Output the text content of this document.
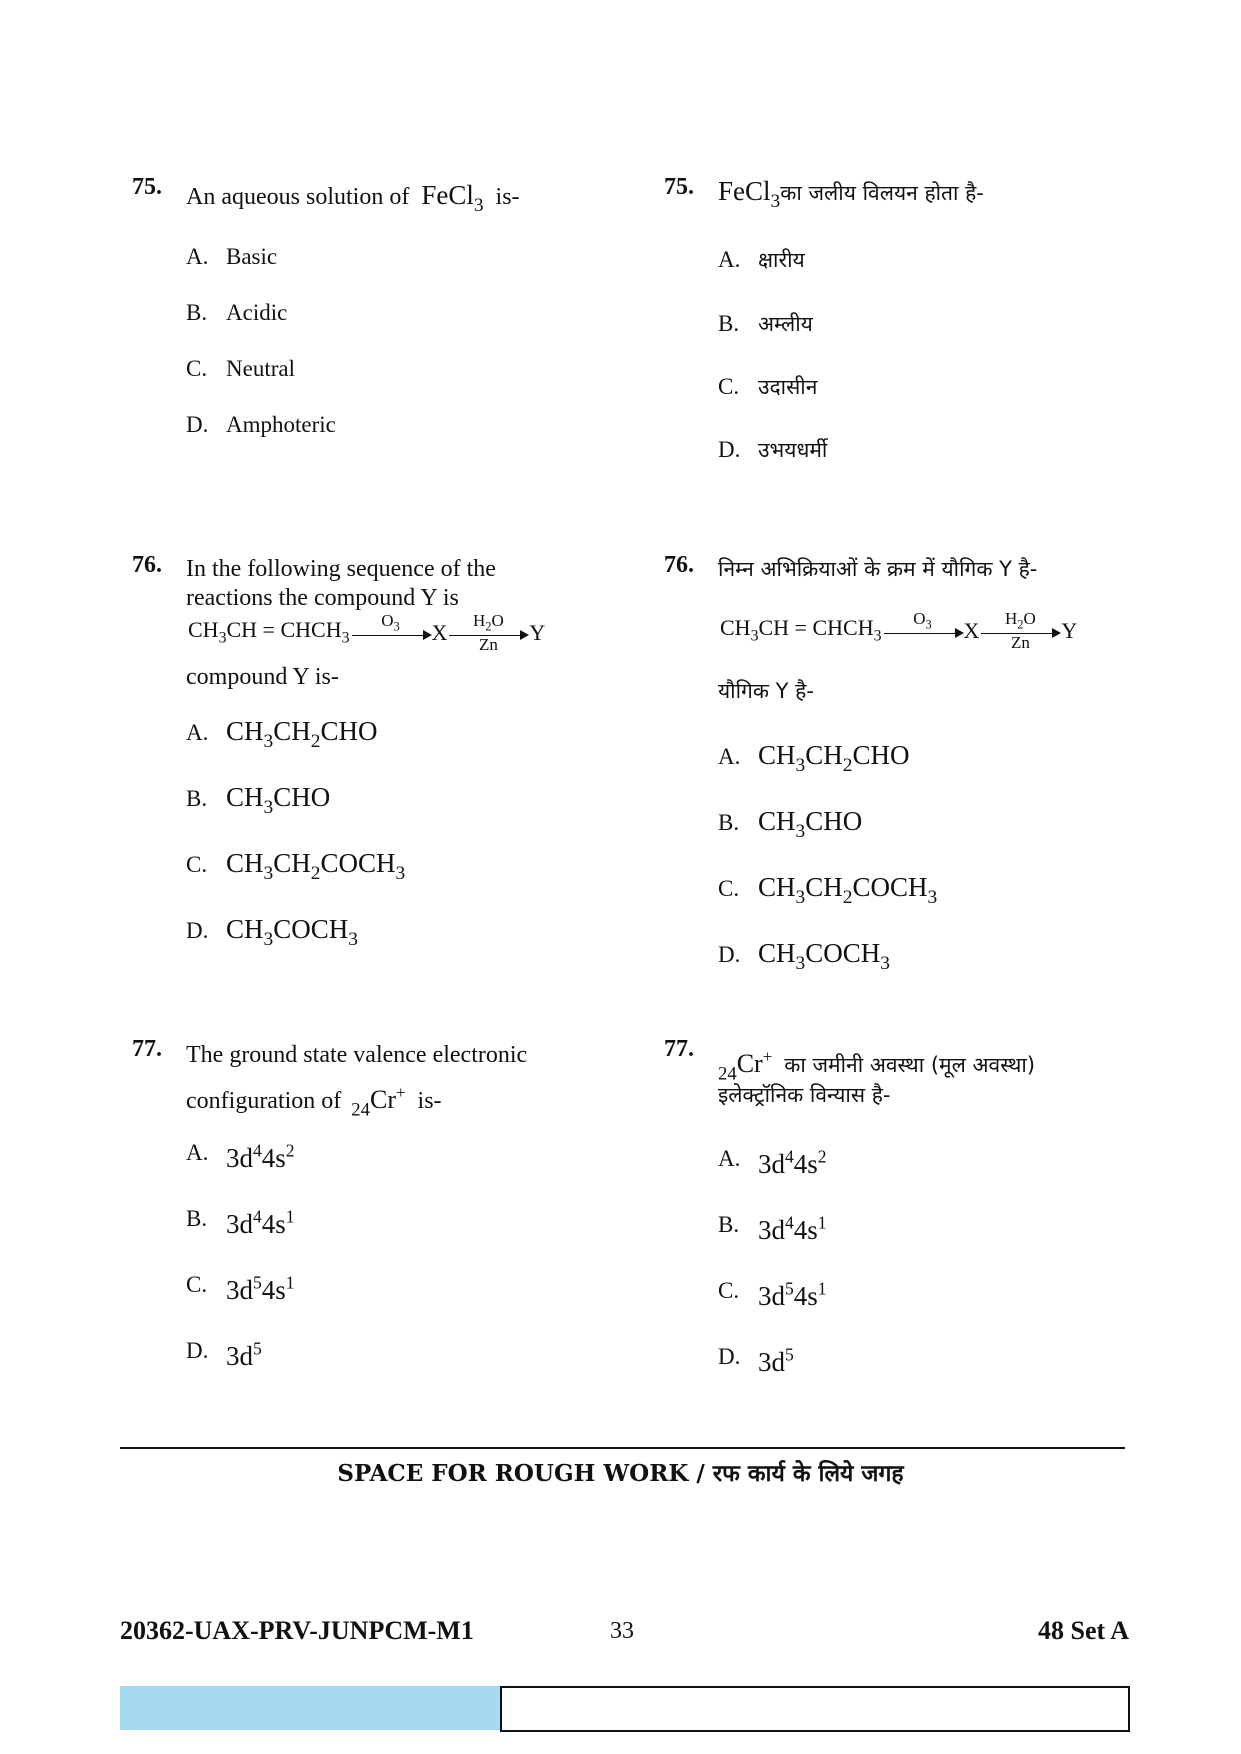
75. An aqueous solution of FeCl$_3$ is-
A. Basic
B. Acidic
C. Neutral
D. Amphoteric
76. In the following sequence of the
reactions the compound Y is
$CH_3CH$ = $CHCH_3$
$O_3$
X $H_2O$
Zn
Y
compound Y is-
A. $CH_3CH_2CHO$
B. $CH_3CHO$
C. $CH_3CH_2COCH_3$
D. $CH_3COCH_3$
77. The ground state valence electronic
configuration of $_{24}$Cr+ is-
A. $3d^44s^2$
B. $3d^44s^1$
C. $3d^54s^1$
D. $3d^5$
75. FeCl$_3$का जलीय विलयन होता है-
A. क्षारीय
B. अम्लीय
C. उदासीन
D. उभयधर्मी
76. निम्न अभिक्रियाओं के क्रम में यौगिक Y है-
$CH_3CH$ = $CHCH_3$
$O_3$
X $H_2O$
Zn
Y
यौगिक Y है-
A. $CH_3CH_2CHO$
B. $CH_3CHO$
C. $CH_3CH_2COCH_3$
D. $CH_3COCH_3$
77.
$_{24}$Cr+ का जमीनी अवस्था (मूल अवस्था)
इलेक्ट्रॉनिक विन्यास है-
A. $3d^44s^2$
B. $3d^44s^1$
C. $3d^54s^1$
D. $3d^5$
SPACE FOR ROUGH WORK / रफ कार्य के लिये जगह
20362-UAX-PRV-JUNPCM-M1	33	48 Set A
